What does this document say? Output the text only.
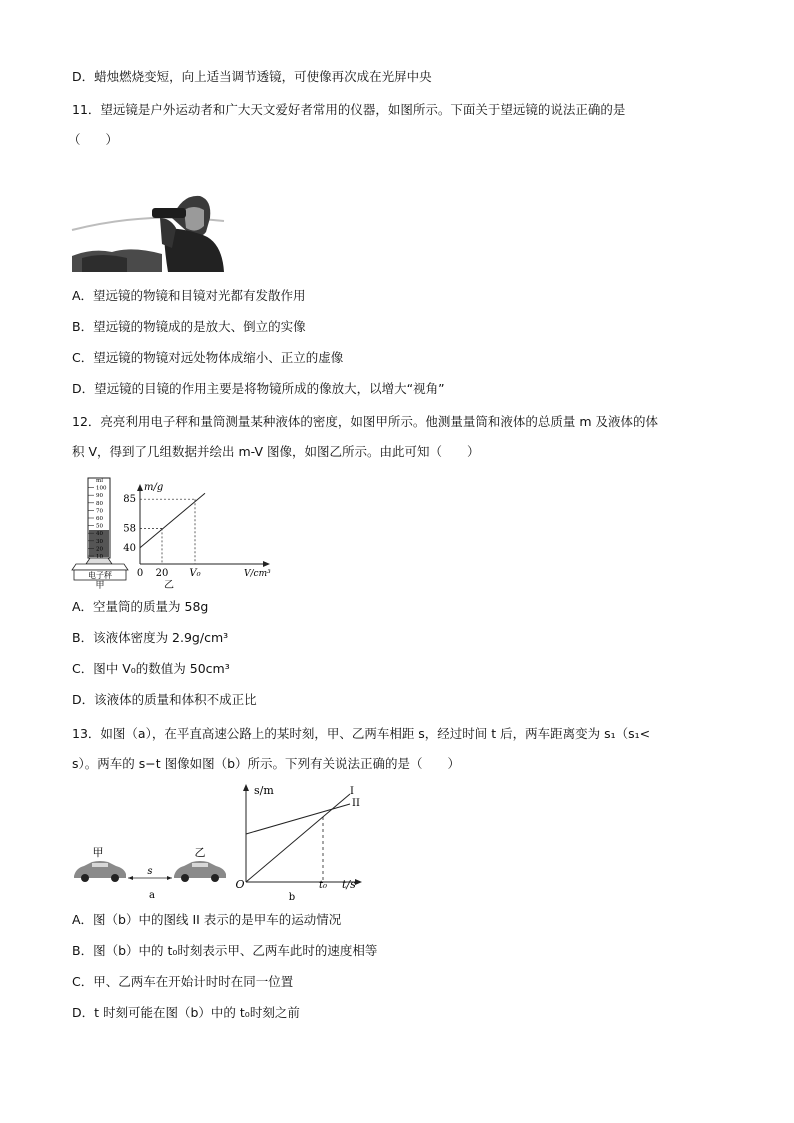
D．蜡烛燃烧变短，向上适当调节透镜，可使像再次成在光屏中央
11．望远镜是户外运动者和广大天文爱好者常用的仪器，如图所示。下面关于望远镜的说法正确的是
（　　）
A．望远镜的物镜和目镜对光都有发散作用
B．望远镜的物镜成的是放大、倒立的实像
C．望远镜的物镜对远处物体成缩小、正立的虚像
D．望远镜的目镜的作用主要是将物镜所成的像放大，以增大“视角”
12．亮亮利用电子秤和量筒测量某种液体的密度，如图甲所示。他测量量筒和液体的总质量 m 及液体的体
积 V，得到了几组数据并绘出 m-V 图像，如图乙所示。由此可知（　　）
ml
100
90
80
70
60
50
40
30
20
10
电子秤
甲
40
58
85
0 20 V₀
m/g
V/cm³
乙
A．空量筒的质量为 58g
B．该液体密度为 2.9g/cm³
C．图中 V₀的数值为 50cm³
D．该液体的质量和体积不成正比
13．如图（a），在平直高速公路上的某时刻，甲、乙两车相距 s，经过时间 t 后，两车距离变为 s₁（s₁<
s）。两车的 s−t 图像如图（b）所示。下列有关说法正确的是（　　）
甲	乙
s
a
s/m
t/s
O	t₀
I
II
b
A．图（b）中的图线 II 表示的是甲车的运动情况
B．图（b）中的 t₀时刻表示甲、乙两车此时的速度相等
C．甲、乙两车在开始计时时在同一位置
D．t 时刻可能在图（b）中的 t₀时刻之前
